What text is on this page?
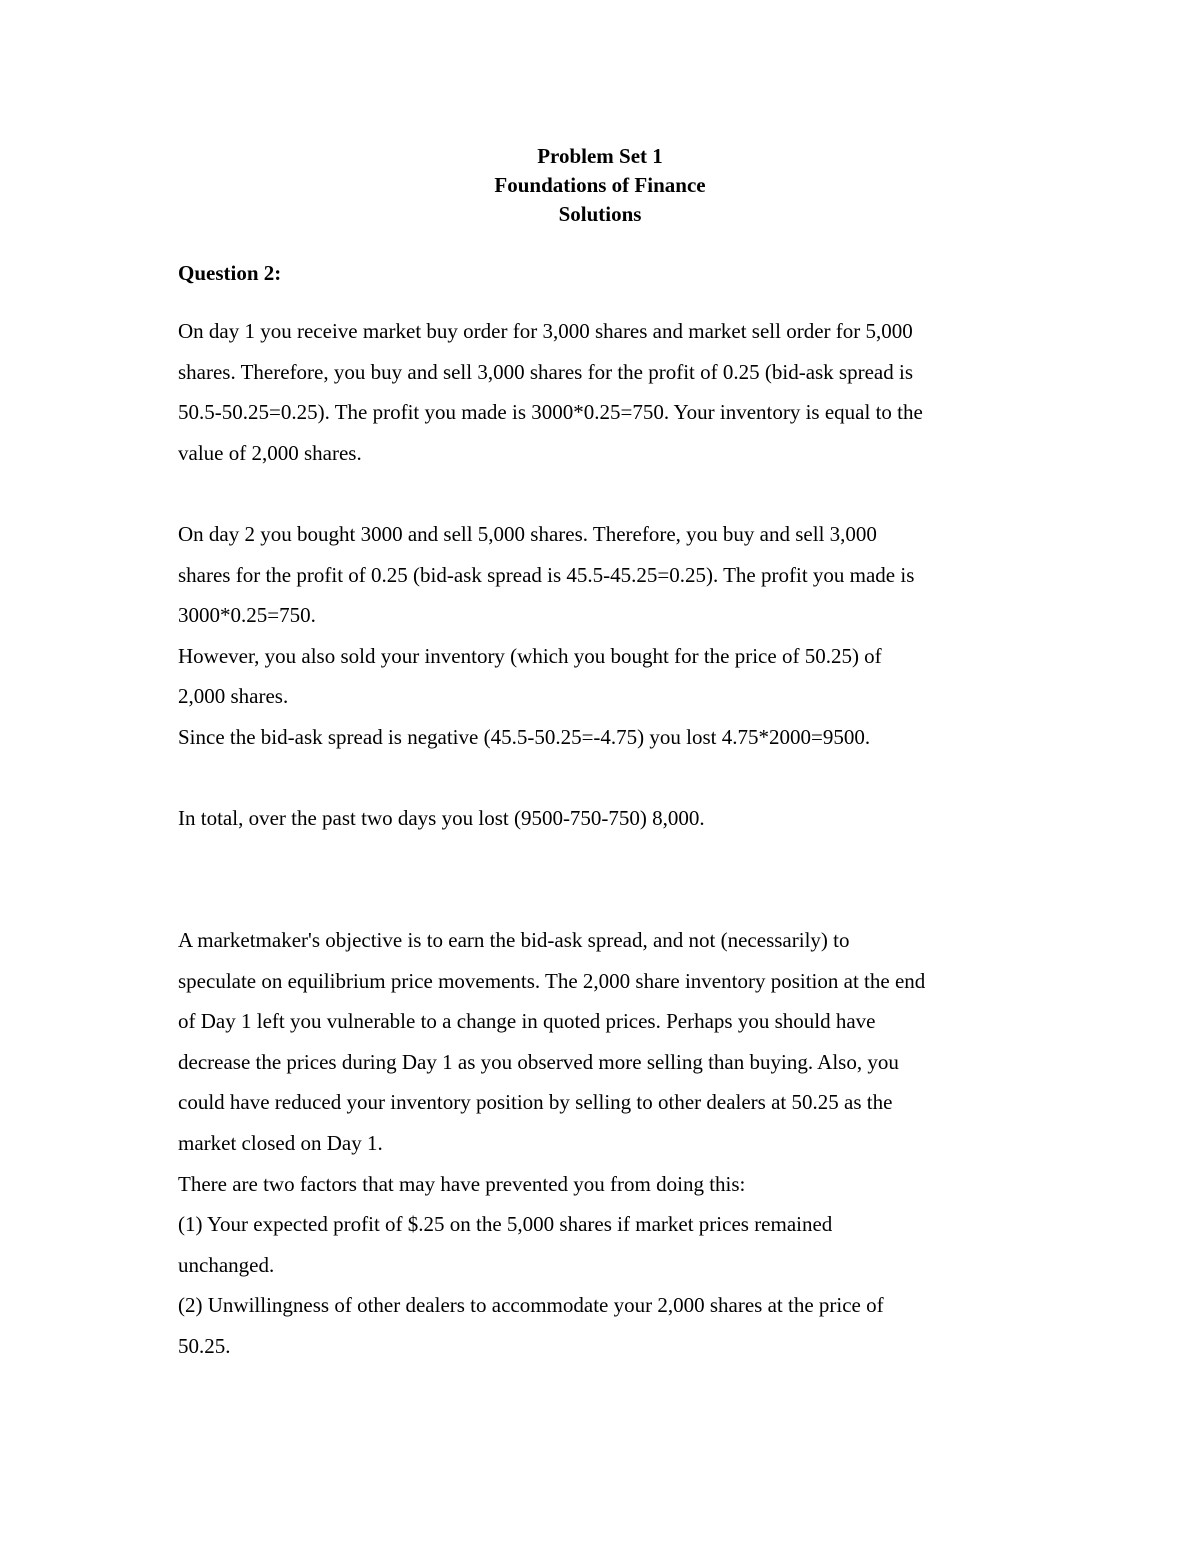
Problem Set 1
Foundations of Finance
Solutions
Question 2:
On day 1 you receive market buy order for 3,000 shares and market sell order for 5,000
shares. Therefore, you buy and sell 3,000 shares for the profit of 0.25 (bid-ask spread is
50.5-50.25=0.25). The profit you made is 3000*0.25=750. Your inventory is equal to the
value of 2,000 shares.
On day 2 you bought 3000 and sell 5,000 shares. Therefore, you buy and sell 3,000
shares for the profit of 0.25 (bid-ask spread is 45.5-45.25=0.25). The profit you made is
3000*0.25=750.
However, you also sold your inventory (which you bought for the price of 50.25) of
2,000 shares.
Since the bid-ask spread is negative (45.5-50.25=-4.75) you lost 4.75*2000=9500.
In total, over the past two days you lost (9500-750-750) 8,000.
A marketmaker's objective is to earn the bid-ask spread, and not (necessarily) to
speculate on equilibrium price movements. The 2,000 share inventory position at the end
of Day 1 left you vulnerable to a change in quoted prices. Perhaps you should have
decrease the prices during Day 1 as you observed more selling than buying. Also, you
could have reduced your inventory position by selling to other dealers at 50.25 as the
market closed on Day 1.
There are two factors that may have prevented you from doing this:
(1) Your expected profit of $.25 on the 5,000 shares if market prices remained
unchanged.
(2) Unwillingness of other dealers to accommodate your 2,000 shares at the price of
50.25.
